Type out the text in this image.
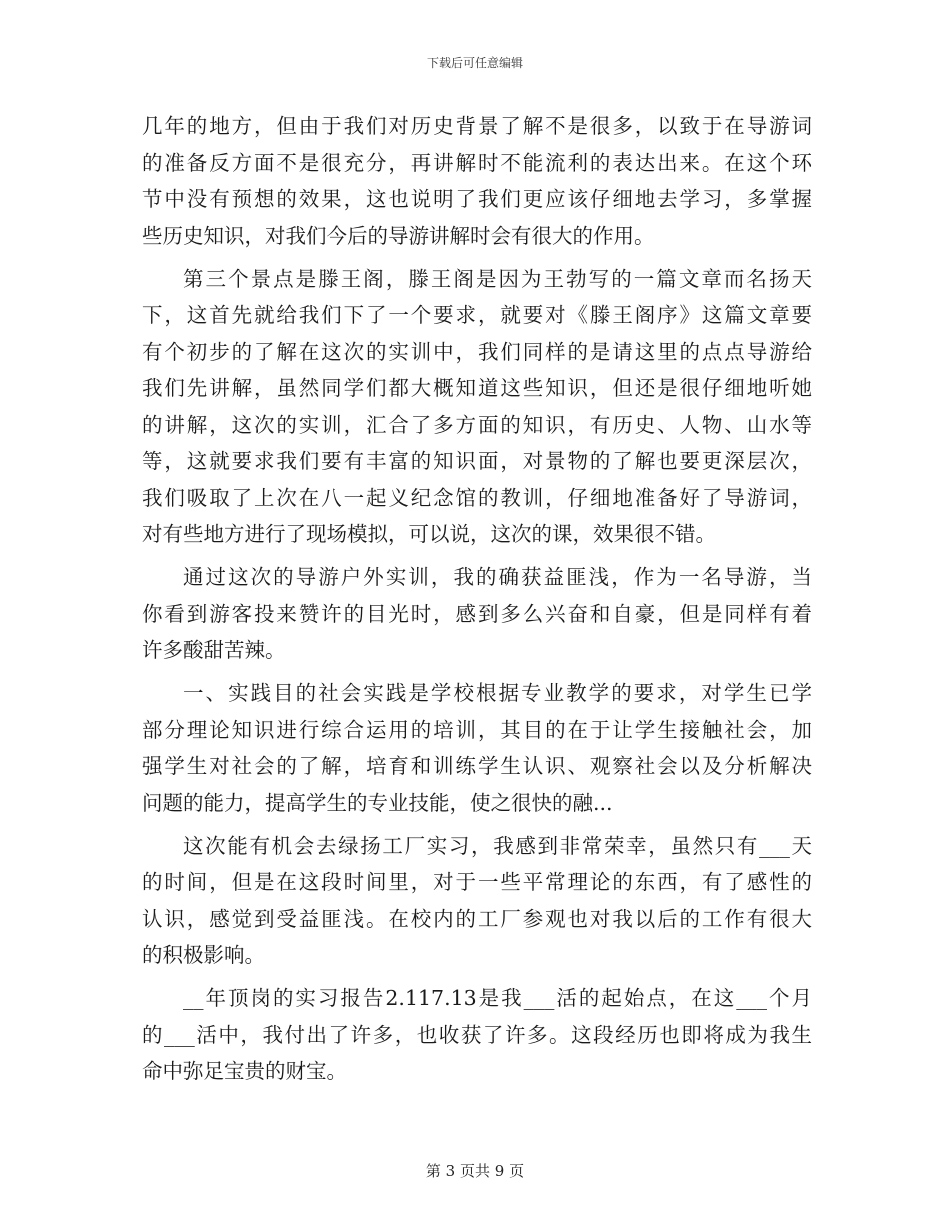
下载后可任意编辑
几年的地方，但由于我们对历史背景了解不是很多，以致于在导游词
的准备反方面不是很充分，再讲解时不能流利的表达出来。在这个环
节中没有预想的效果，这也说明了我们更应该仔细地去学习，多掌握
些历史知识，对我们今后的导游讲解时会有很大的作用。
第三个景点是滕王阁，滕王阁是因为王勃写的一篇文章而名扬天
下，这首先就给我们下了一个要求，就要对《滕王阁序》这篇文章要
有个初步的了解在这次的实训中，我们同样的是请这里的点点导游给
我们先讲解，虽然同学们都大概知道这些知识，但还是很仔细地听她
的讲解，这次的实训，汇合了多方面的知识，有历史、人物、山水等
等，这就要求我们要有丰富的知识面，对景物的了解也要更深层次，
我们吸取了上次在八一起义纪念馆的教训，仔细地准备好了导游词，
对有些地方进行了现场模拟，可以说，这次的课，效果很不错。
通过这次的导游户外实训，我的确获益匪浅，作为一名导游，当
你看到游客投来赞许的目光时，感到多么兴奋和自豪，但是同样有着
许多酸甜苦辣。
一、实践目的社会实践是学校根据专业教学的要求，对学生已学
部分理论知识进行综合运用的培训，其目的在于让学生接触社会，加
强学生对社会的了解，培育和训练学生认识、观察社会以及分析解决
问题的能力，提高学生的专业技能，使之很快的融...
这次能有机会去绿扬工厂实习，我感到非常荣幸，虽然只有___天
的时间，但是在这段时间里，对于一些平常理论的东西，有了感性的
认识，感觉到受益匪浅。在校内的工厂参观也对我以后的工作有很大
的积极影响。
__年顶岗的实习报告2.117.13是我___活的起始点，在这___个月
的___活中，我付出了许多，也收获了许多。这段经历也即将成为我生
命中弥足宝贵的财宝。
第 3 页共 9 页
